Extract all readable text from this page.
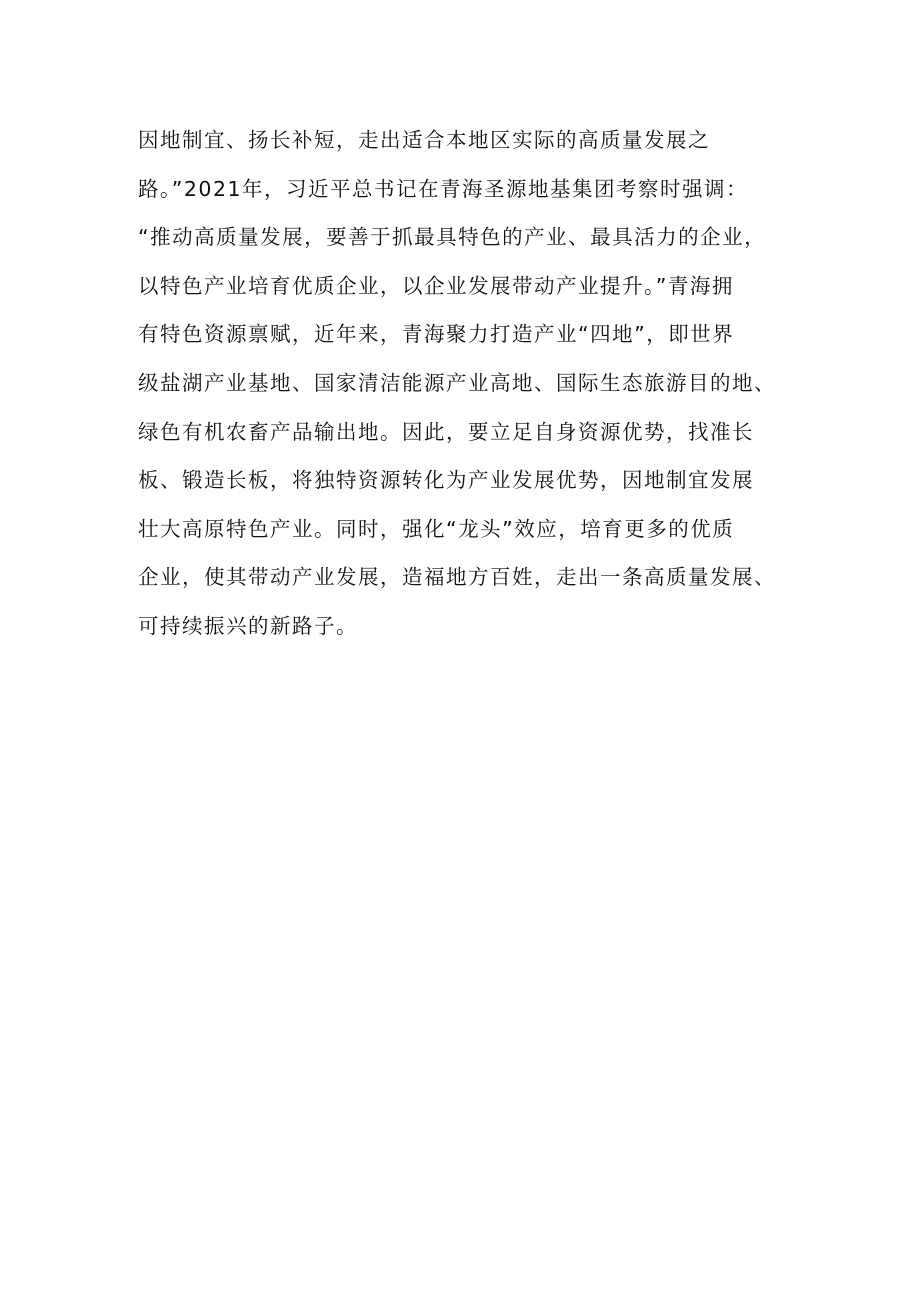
因地制宜、扬长补短，走出适合本地区实际的高质量发展之
路。”2021年，习近平总书记在青海圣源地基集团考察时强调：
“推动高质量发展，要善于抓最具特色的产业、最具活力的企业，
以特色产业培育优质企业，以企业发展带动产业提升。”青海拥
有特色资源禀赋，近年来，青海聚力打造产业“四地”，即世界
级盐湖产业基地、国家清洁能源产业高地、国际生态旅游目的地、
绿色有机农畜产品输出地。因此，要立足自身资源优势，找准长
板、锻造长板，将独特资源转化为产业发展优势，因地制宜发展
壮大高原特色产业。同时，强化“龙头”效应，培育更多的优质
企业，使其带动产业发展，造福地方百姓，走出一条高质量发展、
可持续振兴的新路子。
